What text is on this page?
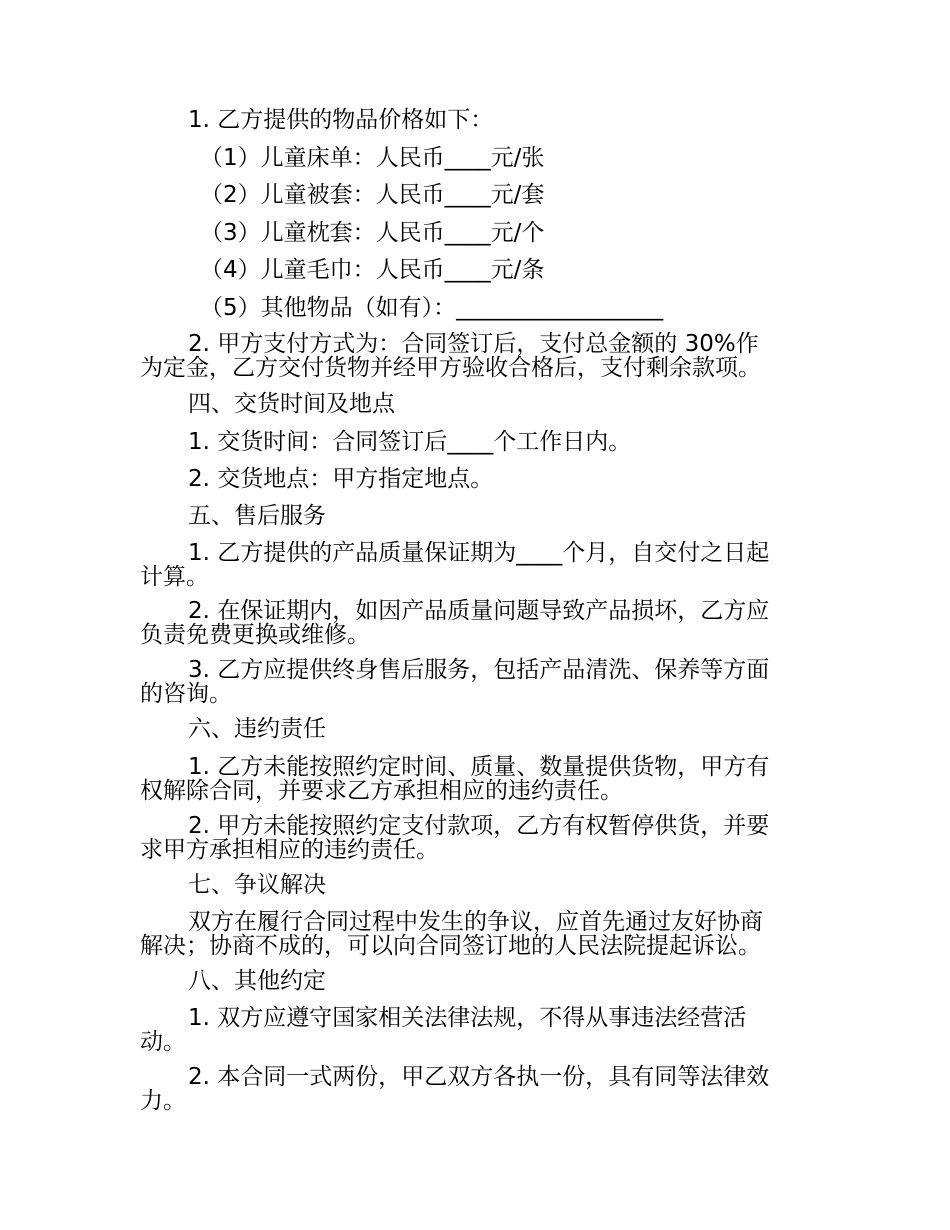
1. 乙方提供的物品价格如下：
（1）儿童床单：人民币____元/张
（2）儿童被套：人民币____元/套
（3）儿童枕套：人民币____元/个
（4）儿童毛巾：人民币____元/条
（5）其他物品（如有）：__________________
2. 甲方支付方式为：合同签订后，支付总金额的 30%作
为定金，乙方交付货物并经甲方验收合格后，支付剩余款项。
四、交货时间及地点
1. 交货时间：合同签订后____个工作日内。
2. 交货地点：甲方指定地点。
五、售后服务
1. 乙方提供的产品质量保证期为____个月，自交付之日起
计算。
2. 在保证期内，如因产品质量问题导致产品损坏，乙方应
负责免费更换或维修。
3. 乙方应提供终身售后服务，包括产品清洗、保养等方面
的咨询。
六、违约责任
1. 乙方未能按照约定时间、质量、数量提供货物，甲方有
权解除合同，并要求乙方承担相应的违约责任。
2. 甲方未能按照约定支付款项，乙方有权暂停供货，并要
求甲方承担相应的违约责任。
七、争议解决
双方在履行合同过程中发生的争议，应首先通过友好协商
解决；协商不成的，可以向合同签订地的人民法院提起诉讼。
八、其他约定
1. 双方应遵守国家相关法律法规，不得从事违法经营活
动。
2. 本合同一式两份，甲乙双方各执一份，具有同等法律效
力。
